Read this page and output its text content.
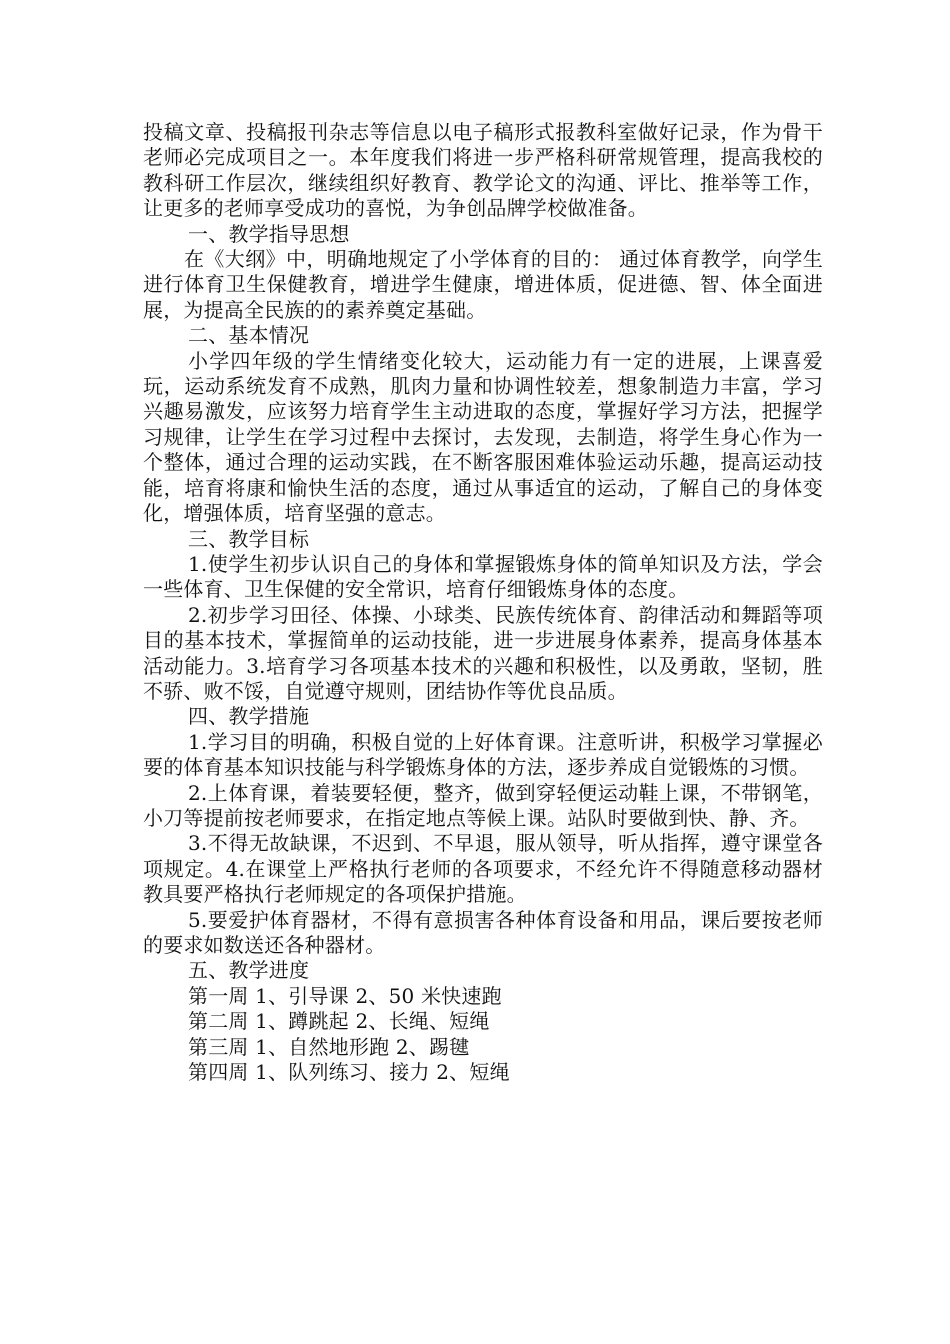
投稿文章、投稿报刊杂志等信息以电子稿形式报教科室做好记录，作为骨干老师必完成项目之一。本年度我们将进一步严格科研常规管理，提高我校的教科研工作层次，继续组织好教育、教学论文的沟通、评比、推举等工作，让更多的老师享受成功的喜悦，为争创品牌学校做准备。

一、教学指导思想

在《大纲》中，明确地规定了小学体育的目的： 通过体育教学，向学生进行体育卫生保健教育，增进学生健康，增进体质，促进德、智、体全面进展，为提高全民族的的素养奠定基础。

二、基本情况

小学四年级的学生情绪变化较大，运动能力有一定的进展，上课喜爱玩，运动系统发育不成熟，肌肉力量和协调性较差，想象制造力丰富，学习兴趣易激发，应该努力培育学生主动进取的态度，掌握好学习方法，把握学习规律，让学生在学习过程中去探讨，去发现，去制造，将学生身心作为一个整体，通过合理的运动实践，在不断客服困难体验运动乐趣，提高运动技能，培育将康和愉快生活的态度，通过从事适宜的运动，了解自己的身体变化，增强体质，培育坚强的意志。

三、教学目标

1.使学生初步认识自己的身体和掌握锻炼身体的简单知识及方法，学会一些体育、卫生保健的安全常识，培育仔细锻炼身体的态度。

2.初步学习田径、体操、小球类、民族传统体育、韵律活动和舞蹈等项目的基本技术，掌握简单的运动技能，进一步进展身体素养，提高身体基本活动能力。3.培育学习各项基本技术的兴趣和积极性，以及勇敢，坚韧，胜不骄、败不馁，自觉遵守规则，团结协作等优良品质。

四、教学措施

1.学习目的明确，积极自觉的上好体育课。注意听讲，积极学习掌握必要的体育基本知识技能与科学锻炼身体的方法，逐步养成自觉锻炼的习惯。

2.上体育课，着装要轻便，整齐，做到穿轻便运动鞋上课，不带钢笔，小刀等提前按老师要求，在指定地点等候上课。站队时要做到快、静、齐。

3.不得无故缺课，不迟到、不早退，服从领导，听从指挥，遵守课堂各项规定。4.在课堂上严格执行老师的各项要求，不经允许不得随意移动器材教具要严格执行老师规定的各项保护措施。

5.要爱护体育器材，不得有意损害各种体育设备和用品，课后要按老师的要求如数送还各种器材。

五、教学进度

第一周 1、引导课 2、50 米快速跑

第二周 1、蹲跳起 2、长绳、短绳

第三周 1、自然地形跑 2、踢毽

第四周 1、队列练习、接力 2、短绳
